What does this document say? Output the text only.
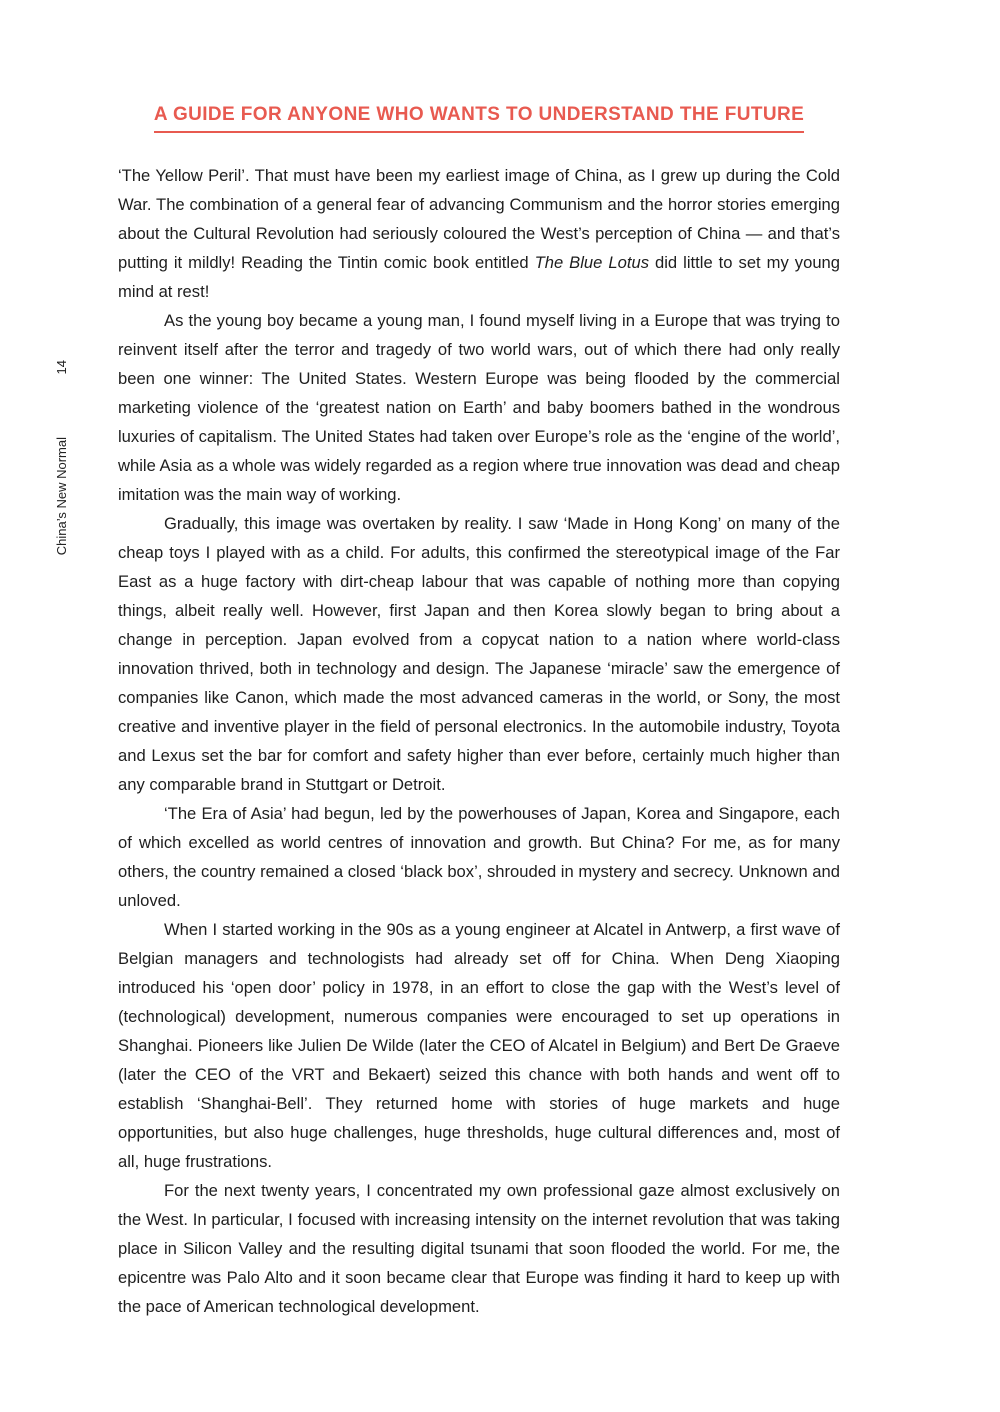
A GUIDE FOR ANYONE WHO WANTS TO UNDERSTAND THE FUTURE
China’s New Normal
14

‘The Yellow Peril’. That must have been my earliest image of China, as I grew up during the Cold War. The combination of a general fear of advancing Communism and the horror stories emerging about the Cultural Revolution had seriously coloured the West’s perception of China — and that’s putting it mildly! Reading the Tintin comic book entitled The Blue Lotus did little to set my young mind at rest!

As the young boy became a young man, I found myself living in a Europe that was trying to reinvent itself after the terror and tragedy of two world wars, out of which there had only really been one winner: The United States. Western Europe was being flooded by the commercial marketing violence of the ‘greatest nation on Earth’ and baby boomers bathed in the wondrous luxuries of capitalism. The United States had taken over Europe’s role as the ‘engine of the world’, while Asia as a whole was widely regarded as a region where true innovation was dead and cheap imitation was the main way of working.

Gradually, this image was overtaken by reality. I saw ‘Made in Hong Kong’ on many of the cheap toys I played with as a child. For adults, this confirmed the stereotypical image of the Far East as a huge factory with dirt-cheap labour that was capable of nothing more than copying things, albeit really well. However, first Japan and then Korea slowly began to bring about a change in perception. Japan evolved from a copycat nation to a nation where world-class innovation thrived, both in technology and design. The Japanese ‘miracle’ saw the emergence of companies like Canon, which made the most advanced cameras in the world, or Sony, the most creative and inventive player in the field of personal electronics. In the automobile industry, Toyota and Lexus set the bar for comfort and safety higher than ever before, certainly much higher than any comparable brand in Stuttgart or Detroit.

‘The Era of Asia’ had begun, led by the powerhouses of Japan, Korea and Singapore, each of which excelled as world centres of innovation and growth. But China? For me, as for many others, the country remained a closed ‘black box’, shrouded in mystery and secrecy. Unknown and unloved.

When I started working in the 90s as a young engineer at Alcatel in Antwerp, a first wave of Belgian managers and technologists had already set off for China. When Deng Xiaoping introduced his ‘open door’ policy in 1978, in an effort to close the gap with the West’s level of (technological) development, numerous companies were encouraged to set up operations in Shanghai. Pioneers like Julien De Wilde (later the CEO of Alcatel in Belgium) and Bert De Graeve (later the CEO of the VRT and Bekaert) seized this chance with both hands and went off to establish ‘Shanghai-Bell’. They returned home with stories of huge markets and huge opportunities, but also huge challenges, huge thresholds, huge cultural differences and, most of all, huge frustrations.

For the next twenty years, I concentrated my own professional gaze almost exclusively on the West. In particular, I focused with increasing intensity on the internet revolution that was taking place in Silicon Valley and the resulting digital tsunami that soon flooded the world. For me, the epicentre was Palo Alto and it soon became clear that Europe was finding it hard to keep up with the pace of American technological development.
